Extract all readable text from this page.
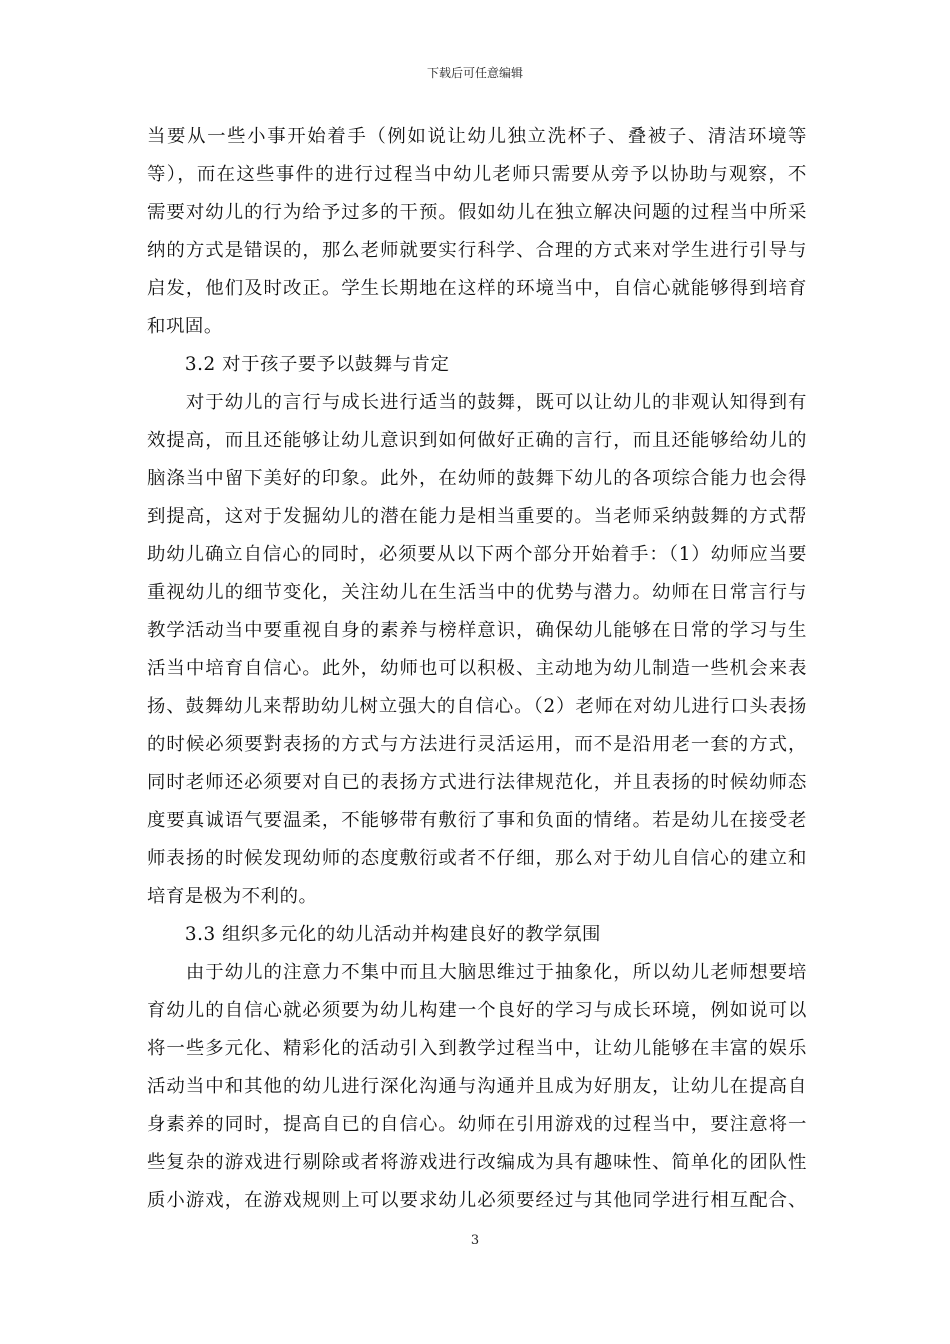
下载后可任意编辑
当要从一些小事开始着手（例如说让幼儿独立洗杯子、叠被子、清洁环境等
等），而在这些事件的进行过程当中幼儿老师只需要从旁予以协助与观察，不
需要对幼儿的行为给予过多的干预。假如幼儿在独立解决问题的过程当中所采
纳的方式是错误的，那么老师就要实行科学、合理的方式来对学生进行引导与
启发，他们及时改正。学生长期地在这样的环境当中，自信心就能够得到培育
和巩固。
　　3.2 对于孩子要予以鼓舞与肯定
　　对于幼儿的言行与成长进行适当的鼓舞，既可以让幼儿的非观认知得到有
效提高，而且还能够让幼儿意识到如何做好正确的言行，而且还能够给幼儿的
脑涤当中留下美好的印象。此外，在幼师的鼓舞下幼儿的各项综合能力也会得
到提高，这对于发掘幼儿的潜在能力是相当重要的。当老师采纳鼓舞的方式帮
助幼儿确立自信心的同时，必须要从以下两个部分开始着手：（1）幼师应当要
重视幼儿的细节变化，关注幼儿在生活当中的优势与潜力。幼师在日常言行与
教学活动当中要重视自身的素养与榜样意识，确保幼儿能够在日常的学习与生
活当中培育自信心。此外，幼师也可以积极、主动地为幼儿制造一些机会来表
扬、鼓舞幼儿来帮助幼儿树立强大的自信心。（2）老师在对幼儿进行口头表扬
的时候必须要對表扬的方式与方法进行灵活运用，而不是沿用老一套的方式，
同时老师还必须要对自已的表扬方式进行法律规范化，并且表扬的时候幼师态
度要真诚语气要温柔，不能够带有敷衍了事和负面的情绪。若是幼儿在接受老
师表扬的时候发现幼师的态度敷衍或者不仔细，那么对于幼儿自信心的建立和
培育是极为不利的。
　　3.3 组织多元化的幼儿活动并构建良好的教学氛围
　　由于幼儿的注意力不集中而且大脑思维过于抽象化，所以幼儿老师想要培
育幼儿的自信心就必须要为幼儿构建一个良好的学习与成长环境，例如说可以
将一些多元化、精彩化的活动引入到教学过程当中，让幼儿能够在丰富的娱乐
活动当中和其他的幼儿进行深化沟通与沟通并且成为好朋友，让幼儿在提高自
身素养的同时，提高自已的自信心。幼师在引用游戏的过程当中，要注意将一
些复杂的游戏进行剔除或者将游戏进行改编成为具有趣味性、简单化的团队性
质小游戏，在游戏规则上可以要求幼儿必须要经过与其他同学进行相互配合、
3
